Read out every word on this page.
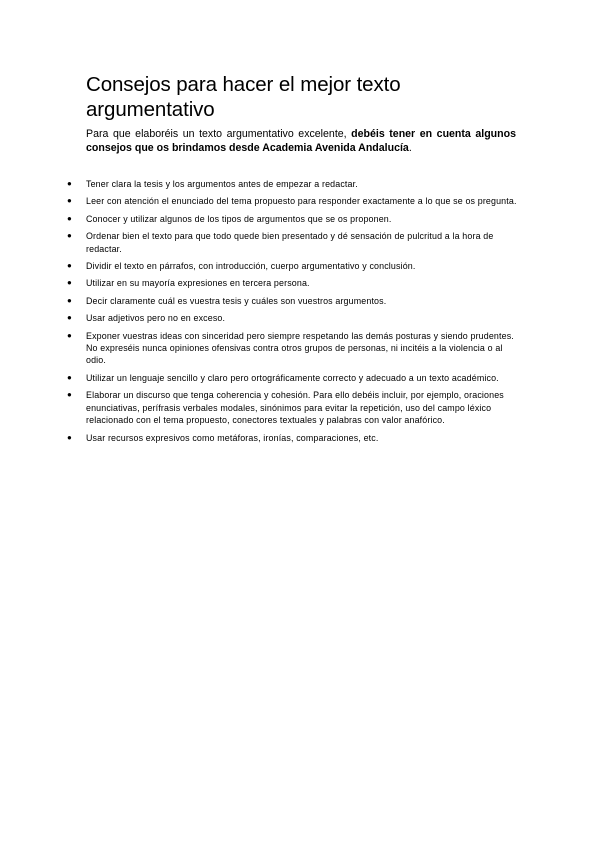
Consejos para hacer el mejor texto argumentativo

Para que elaboréis un texto argumentativo excelente, debéis tener en cuenta algunos consejos que os brindamos desde Academia Avenida Andalucía.

● Tener clara la tesis y los argumentos antes de empezar a redactar.
● Leer con atención el enunciado del tema propuesto para responder exactamente a lo que se os pregunta.
● Conocer y utilizar algunos de los tipos de argumentos que se os proponen.
● Ordenar bien el texto para que todo quede bien presentado y dé sensación de pulcritud a la hora de redactar.
● Dividir el texto en párrafos, con introducción, cuerpo argumentativo y conclusión.
● Utilizar en su mayoría expresiones en tercera persona.
● Decir claramente cuál es vuestra tesis y cuáles son vuestros argumentos.
● Usar adjetivos pero no en exceso.
● Exponer vuestras ideas con sinceridad pero siempre respetando las demás posturas y siendo prudentes. No expreséis nunca opiniones ofensivas contra otros grupos de personas, ni incitéis a la violencia o al odio.
● Utilizar un lenguaje sencillo y claro pero ortográficamente correcto y adecuado a un texto académico.
● Elaborar un discurso que tenga coherencia y cohesión. Para ello debéis incluir, por ejemplo, oraciones enunciativas, perífrasis verbales modales, sinónimos para evitar la repetición, uso del campo léxico relacionado con el tema propuesto, conectores textuales y palabras con valor anafórico.
● Usar recursos expresivos como metáforas, ironías, comparaciones, etc.
